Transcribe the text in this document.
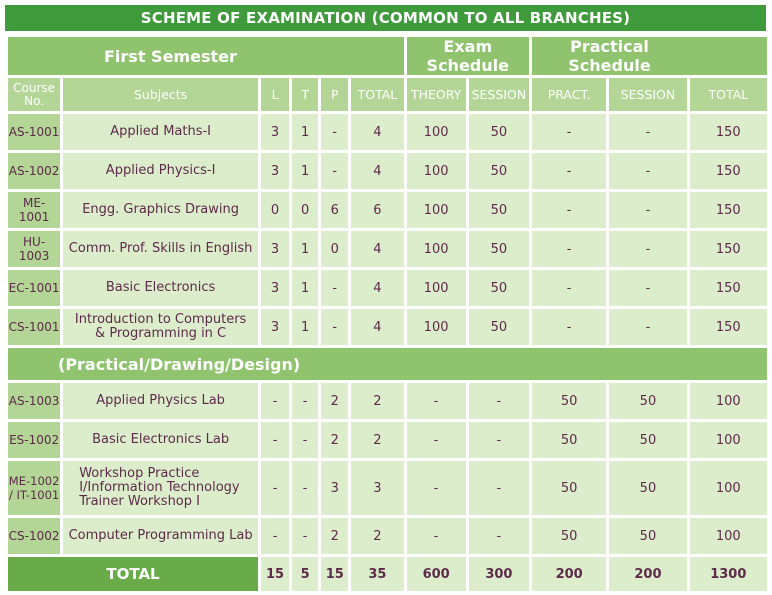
SCHEME OF EXAMINATION (COMMON TO ALL BRANCHES)
First Semester						Exam Schedule		Practical Schedule		
Course No.	Subjects	L	T	P	TOTAL	THEORY	SESSION	PRACT.	SESSION	TOTAL
AS-1001	Applied Maths-I	3	1	-	4	100	50	-	-	150
AS-1002	Applied Physics-I	3	1	-	4	100	50	-	-	150
ME-1001	Engg. Graphics Drawing	0	0	6	6	100	50	-	-	150
HU-1003	Comm. Prof. Skills in English	3	1	0	4	100	50	-	-	150
EC-1001	Basic Electronics	3	1	-	4	100	50	-	-	150
CS-1001	Introduction to Computers & Programming in C	3	1	-	4	100	50	-	-	150
(Practical/Drawing/Design)										
AS-1003	Applied Physics Lab	-	-	2	2	-	-	50	50	100
ES-1002	Basic Electronics Lab	-	-	2	2	-	-	50	50	100
ME-1002 / IT-1001	Workshop Practice I/Information Technology Trainer Workshop I	-	-	3	3	-	-	50	50	100
CS-1002	Computer Programming Lab	-	-	2	2	-	-	50	50	100
TOTAL		15	5	15	35	600	300	200	200	1300
